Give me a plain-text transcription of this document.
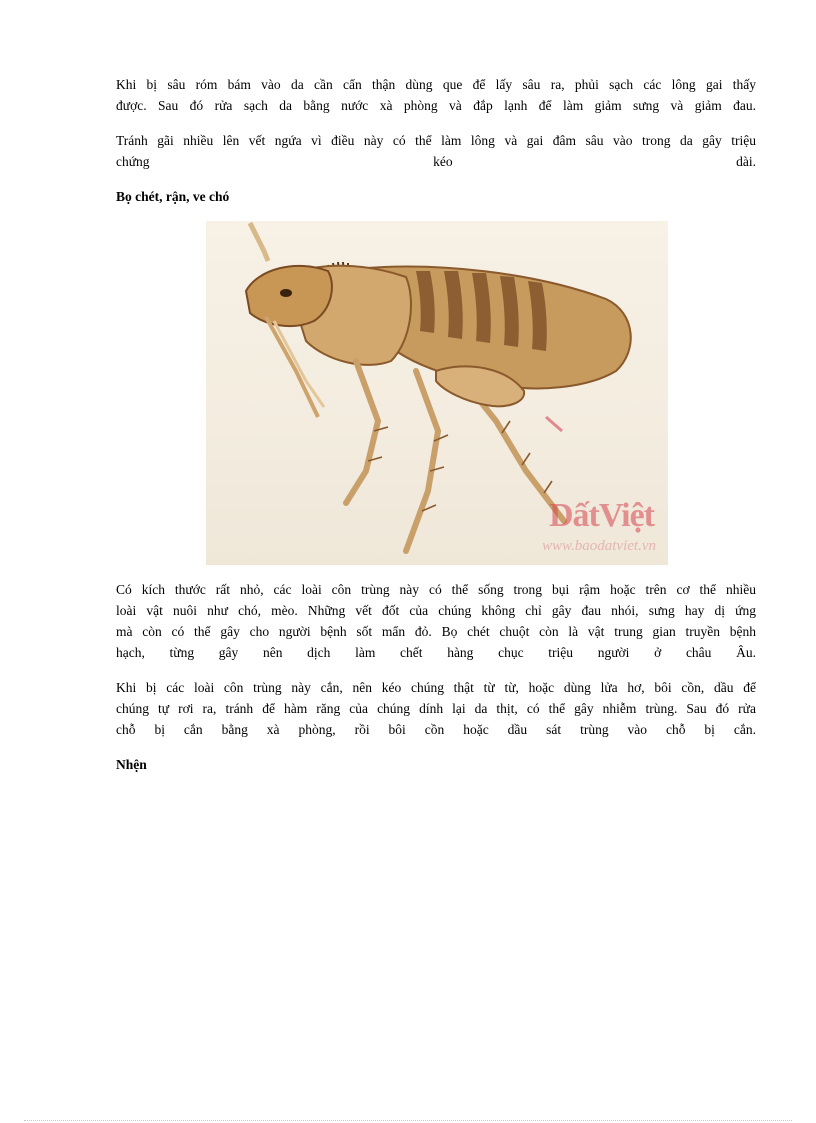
Khi bị sâu róm bám vào da cần cẩn thận dùng que để lấy sâu ra, phủi sạch các lông gai thấy

được. Sau đó rửa sạch da bằng nước xà phòng và đắp lạnh để làm giảm sưng và giảm đau.

Tránh gãi nhiều lên vết ngứa vì điều này có thể làm lông và gai đâm sâu vào trong da gây triệu

chứng kéo dài.

Bọ chét, rận, ve chó
DấtViệt
www.baodatviet.vn

Có kích thước rất nhỏ, các loài côn trùng này có thể sống trong bụi rậm hoặc trên cơ thể nhiều

loài vật nuôi như chó, mèo. Những vết đốt của chúng không chỉ gây đau nhói, sưng hay dị ứng

mà còn có thể gây cho người bệnh sốt mẩn đỏ. Bọ chét chuột còn là vật trung gian truyền bệnh

hạch, từng gây nên dịch làm chết hàng chục triệu người ở châu Âu.

Khi bị các loài côn trùng này cắn, nên kéo chúng thật từ từ, hoặc dùng lửa hơ, bôi cồn, dầu để

chúng tự rơi ra, tránh để hàm răng của chúng dính lại da thịt, có thể gây nhiễm trùng. Sau đó rửa

chỗ bị cắn bằng xà phòng, rồi bôi cồn hoặc dầu sát trùng vào chỗ bị cắn.

Nhện
